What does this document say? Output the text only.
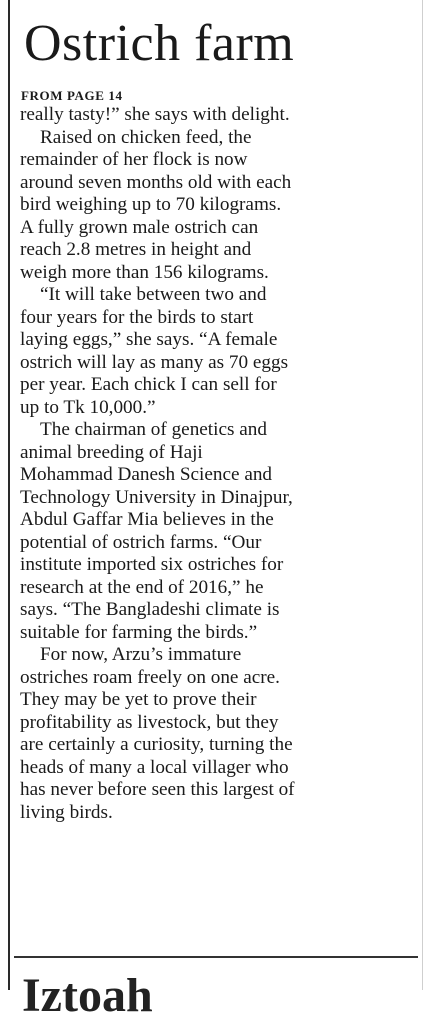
Ostrich farm
FROM PAGE 14
really tasty!” she says with delight.
Raised on chicken feed, the
remainder of her flock is now
around seven months old with each
bird weighing up to 70 kilograms.
A fully grown male ostrich can
reach 2.8 metres in height and
weigh more than 156 kilograms.
“It will take between two and
four years for the birds to start
laying eggs,” she says. “A female
ostrich will lay as many as 70 eggs
per year. Each chick I can sell for
up to Tk 10,000.”
The chairman of genetics and
animal breeding of Haji
Mohammad Danesh Science and
Technology University in Dinajpur,
Abdul Gaffar Mia believes in the
potential of ostrich farms. “Our
institute imported six ostriches for
research at the end of 2016,” he
says. “The Bangladeshi climate is
suitable for farming the birds.”
For now, Arzu’s immature
ostriches roam freely on one acre.
They may be yet to prove their
profitability as livestock, but they
are certainly a curiosity, turning the
heads of many a local villager who
has never before seen this largest of
living birds.
Iztoah
